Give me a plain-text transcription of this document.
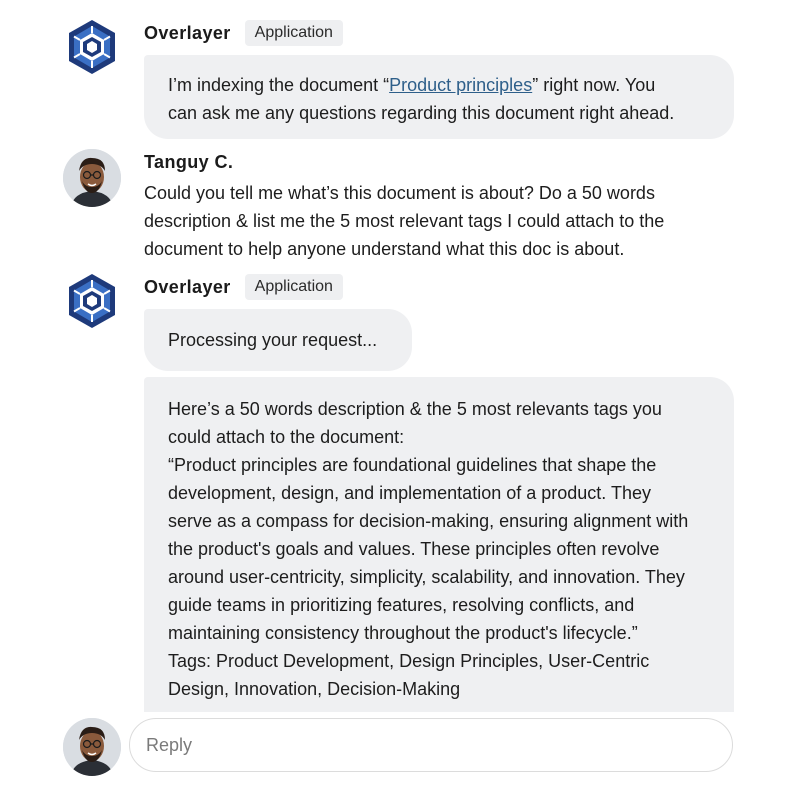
Overlayer	Application
I’m indexing the document “Product principles” right now. You
can ask me any questions regarding this document right ahead.
Tanguy C.
Could you tell me what’s this document is about? Do a 50 words
description & list me the 5 most relevant tags I could attach to the
document to help anyone understand what this doc is about.
Overlayer	Application
Processing your request...
Here’s a 50 words description & the 5 most relevants tags you
could attach to the document:
“Product principles are foundational guidelines that shape the
development, design, and implementation of a product. They
serve as a compass for decision-making, ensuring alignment with
the product's goals and values. These principles often revolve
around user-centricity, simplicity, scalability, and innovation. They
guide teams in prioritizing features, resolving conflicts, and
maintaining consistency throughout the product's lifecycle.”
Tags: Product Development, Design Principles, User-Centric
Design, Innovation, Decision-Making
Reply
